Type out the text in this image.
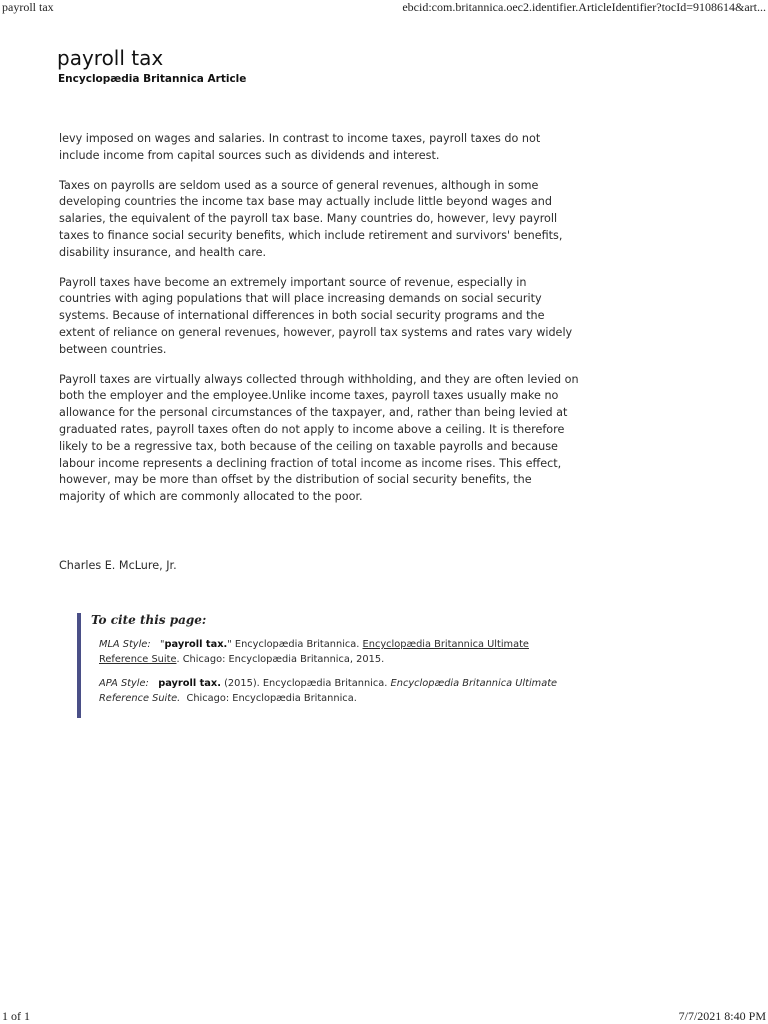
payroll tax	ebcid:com.britannica.oec2.identifier.ArticleIdentifier?tocId=9108614&art...
payroll tax
Encyclopædia Britannica Article

levy imposed on wages and salaries. In contrast to income taxes, payroll taxes do not include income from capital sources such as dividends and interest.

Taxes on payrolls are seldom used as a source of general revenues, although in some developing countries the income tax base may actually include little beyond wages and salaries, the equivalent of the payroll tax base. Many countries do, however, levy payroll taxes to finance social security benefits, which include retirement and survivors' benefits, disability insurance, and health care.

Payroll taxes have become an extremely important source of revenue, especially in countries with aging populations that will place increasing demands on social security systems. Because of international differences in both social security programs and the extent of reliance on general revenues, however, payroll tax systems and rates vary widely between countries.

Payroll taxes are virtually always collected through withholding, and they are often levied on both the employer and the employee.Unlike income taxes, payroll taxes usually make no allowance for the personal circumstances of the taxpayer, and, rather than being levied at graduated rates, payroll taxes often do not apply to income above a ceiling. It is therefore likely to be a regressive tax, both because of the ceiling on taxable payrolls and because labour income represents a declining fraction of total income as income rises. This effect, however, may be more than offset by the distribution of social security benefits, the majority of which are commonly allocated to the poor.

Charles E. McLure, Jr.
To cite this page:
MLA Style: "payroll tax." Encyclopædia Britannica. Encyclopædia Britannica Ultimate Reference Suite. Chicago: Encyclopædia Britannica, 2015.
APA Style: payroll tax. (2015). Encyclopædia Britannica. Encyclopædia Britannica Ultimate Reference Suite. Chicago: Encyclopædia Britannica.
1 of 1	7/7/2021 8:40 PM
